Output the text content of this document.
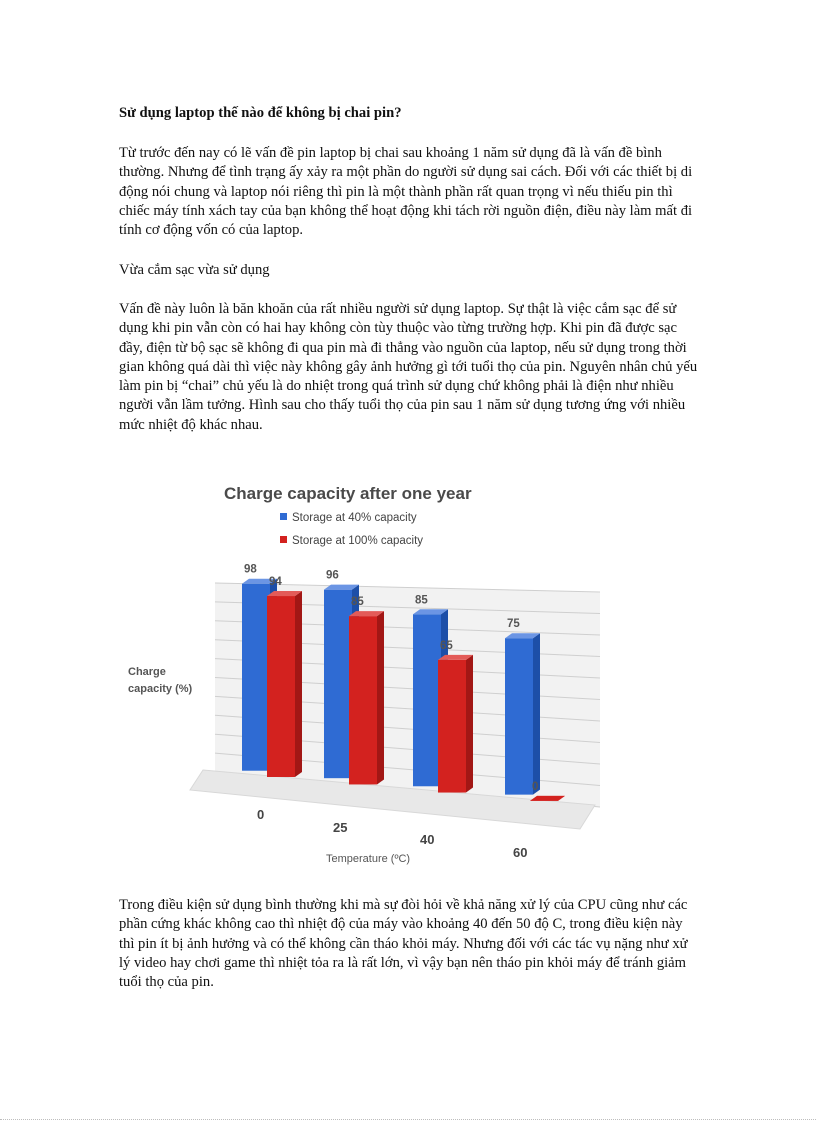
Sử dụng laptop thế nào để không bị chai pin?

Từ trước đến nay có lẽ vấn đề pin laptop bị chai sau khoảng 1 năm sử dụng đã là vấn đề bình thường. Nhưng để tình trạng ấy xảy ra một phần do người sử dụng sai cách. Đối với các thiết bị di động nói chung và laptop nói riêng thì pin là một thành phần rất quan trọng vì nếu thiếu pin thì chiếc máy tính xách tay của bạn không thể hoạt động khi tách rời nguồn điện, điều này làm mất đi tính cơ động vốn có của laptop.

Vừa cắm sạc vừa sử dụng

Vấn đề này luôn là băn khoăn của rất nhiều người sử dụng laptop. Sự thật là việc cắm sạc để sử dụng khi pin vẫn còn có hai hay không còn tùy thuộc vào từng trường hợp. Khi pin đã được sạc đầy, điện từ bộ sạc sẽ không đi qua pin mà đi thẳng vào nguồn của laptop, nếu sử dụng trong thời gian không quá dài thì việc này không gây ảnh hưởng gì tới tuổi thọ của pin. Nguyên nhân chủ yếu làm pin bị “chai” chủ yếu là do nhiệt trong quá trình sử dụng chứ không phải là điện như nhiều người vẫn lầm tưởng. Hình sau cho thấy tuổi thọ của pin sau 1 năm sử dụng tương ứng với nhiều mức nhiệt độ khác nhau.

Charge capacity after one year
Storage at 40% capacity
Storage at 100% capacity
Charge
capacity (%)
98	96
85
75
94
85
65
0
0
25
40
60
Temperature (ºC)

Trong điều kiện sử dụng bình thường khi mà sự đòi hỏi về khả năng xử lý của CPU cũng như các phần cứng khác không cao thì nhiệt độ của máy vào khoảng 40 đến 50 độ C, trong điều kiện này thì pin ít bị ảnh hưởng và có thể không cần tháo khỏi máy. Nhưng đối với các tác vụ nặng như xử lý video hay chơi game thì nhiệt tỏa ra là rất lớn, vì vậy bạn nên tháo pin khỏi máy để tránh giảm tuổi thọ của pin.
